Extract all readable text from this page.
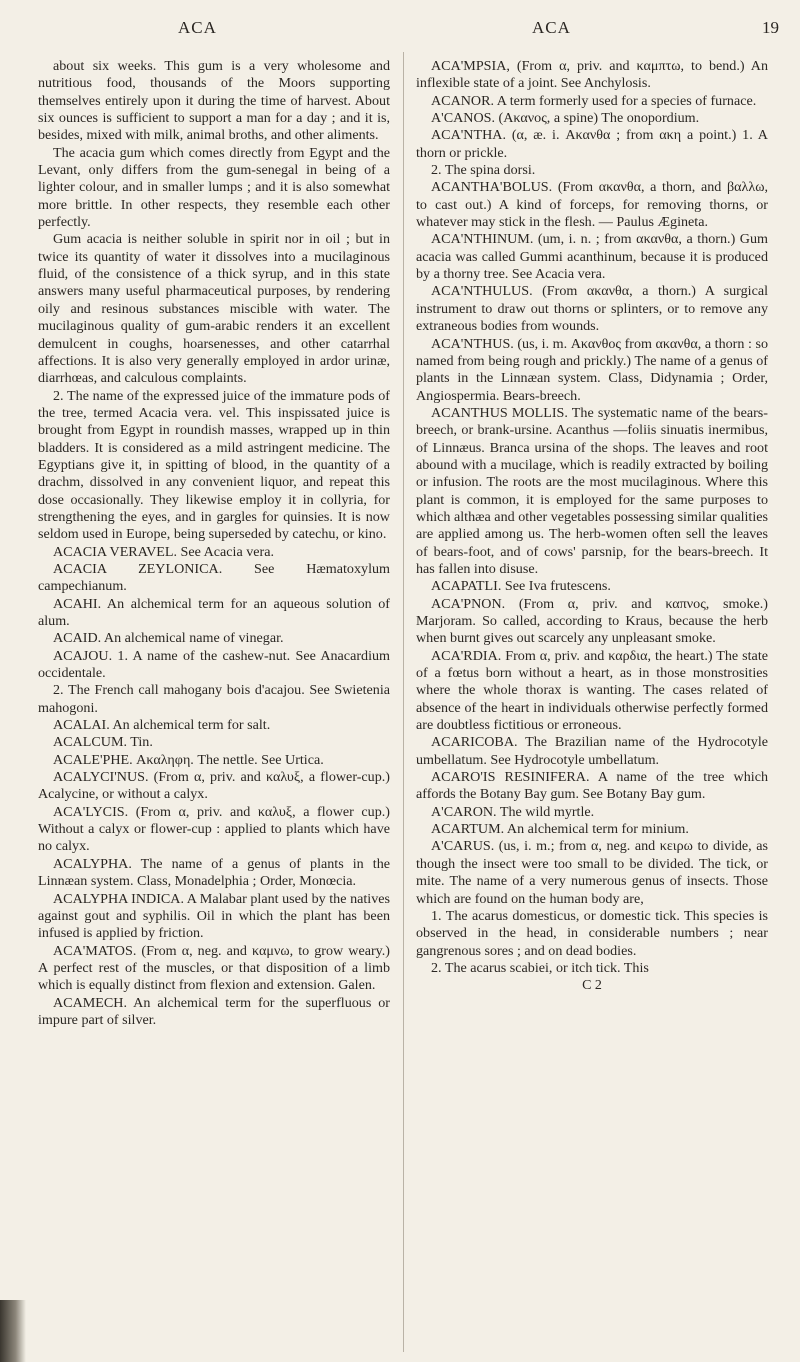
ACA	ACA	19

about six weeks. This gum is a very wholesome and nutritious food, thousands of the Moors supporting themselves entirely upon it during the time of harvest. About six ounces is sufficient to support a man for a day ; and it is, besides, mixed with milk, animal broths, and other aliments.

The acacia gum which comes directly from Egypt and the Levant, only differs from the gum-senegal in being of a lighter colour, and in smaller lumps ; and it is also somewhat more brittle. In other respects, they resemble each other perfectly.

Gum acacia is neither soluble in spirit nor in oil ; but in twice its quantity of water it dissolves into a mucilaginous fluid, of the consistence of a thick syrup, and in this state answers many useful pharmaceutical purposes, by rendering oily and resinous substances miscible with water. The mucilaginous quality of gum-arabic renders it an excellent demulcent in coughs, hoarsenesses, and other catarrhal affections. It is also very generally employed in ardor urinæ, diarrhœas, and calculous complaints.

2. The name of the expressed juice of the immature pods of the tree, termed Acacia vera. vel. This inspissated juice is brought from Egypt in roundish masses, wrapped up in thin bladders. It is considered as a mild astringent medicine. The Egyptians give it, in spitting of blood, in the quantity of a drachm, dissolved in any convenient liquor, and repeat this dose occasionally. They likewise employ it in collyria, for strengthening the eyes, and in gargles for quinsies. It is now seldom used in Europe, being superseded by catechu, or kino.

ACACIA VERAVEL. See Acacia vera.

ACACIA ZEYLONICA. See Hæmatoxylum campechianum.

ACAHI. An alchemical term for an aqueous solution of alum.

ACAID. An alchemical name of vinegar.

ACAJOU. 1. A name of the cashew-nut. See Anacardium occidentale.

2. The French call mahogany bois d'acajou. See Swietenia mahogoni.

ACALAI. An alchemical term for salt.

ACALCUM. Tin.

ACALE'PHE. Ακαληφη. The nettle. See Urtica.

ACALYCI'NUS. (From α, priv. and καλυξ, a flower-cup.) Acalycine, or without a calyx.

ACA'LYCIS. (From α, priv. and καλυξ, a flower cup.) Without a calyx or flower-cup : applied to plants which have no calyx.

ACALYPHA. The name of a genus of plants in the Linnæan system. Class, Monadelphia ; Order, Monœcia.

ACALYPHA INDICA. A Malabar plant used by the natives against gout and syphilis. Oil in which the plant has been infused is applied by friction.

ACA'MATOS. (From α, neg. and καμνω, to grow weary.) A perfect rest of the muscles, or that disposition of a limb which is equally distinct from flexion and extension. Galen.

ACAMECH. An alchemical term for the superfluous or impure part of silver.

ACA'MPSIA, (From α, priv. and καμπτω, to bend.) An inflexible state of a joint. See Anchylosis.

ACANOR. A term formerly used for a species of furnace.

A'CANOS. (Ακανος, a spine) The onopordium.

ACA'NTHA. (α, æ. i. Ακανθα ; from ακη a point.) 1. A thorn or prickle.

2. The spina dorsi.

ACANTHA'BOLUS. (From ακανθα, a thorn, and βαλλω, to cast out.) A kind of forceps, for removing thorns, or whatever may stick in the flesh. — Paulus Ægineta.

ACA'NTHINUM. (um, i. n. ; from ακανθα, a thorn.) Gum acacia was called Gummi acanthinum, because it is produced by a thorny tree. See Acacia vera.

ACA'NTHULUS. (From ακανθα, a thorn.) A surgical instrument to draw out thorns or splinters, or to remove any extraneous bodies from wounds.

ACA'NTHUS. (us, i. m. Ακανθος from ακανθα, a thorn : so named from being rough and prickly.) The name of a genus of plants in the Linnæan system. Class, Didynamia ; Order, Angiospermia. Bears-breech.

ACANTHUS MOLLIS. The systematic name of the bears-breech, or brank-ursine. Acanthus —foliis sinuatis inermibus, of Linnæus. Branca ursina of the shops. The leaves and root abound with a mucilage, which is readily extracted by boiling or infusion. The roots are the most mucilaginous. Where this plant is common, it is employed for the same purposes to which althæa and other vegetables possessing similar qualities are applied among us. The herb-women often sell the leaves of bears-foot, and of cows' parsnip, for the bears-breech. It has fallen into disuse.

ACAPATLI. See Iva frutescens.

ACA'PNON. (From α, priv. and καπνος, smoke.) Marjoram. So called, according to Kraus, because the herb when burnt gives out scarcely any unpleasant smoke.

ACA'RDIA. From α, priv. and καρδια, the heart.) The state of a fœtus born without a heart, as in those monstrosities where the whole thorax is wanting. The cases related of absence of the heart in individuals otherwise perfectly formed are doubtless fictitious or erroneous.

ACARICOBA. The Brazilian name of the Hydrocotyle umbellatum. See Hydrocotyle umbellatum.

ACARO'IS RESINIFERA. A name of the tree which affords the Botany Bay gum. See Botany Bay gum.

A'CARON. The wild myrtle.

ACARTUM. An alchemical term for minium.

A'CARUS. (us, i. m.; from α, neg. and κειρω to divide, as though the insect were too small to be divided. The tick, or mite. The name of a very numerous genus of insects. Those which are found on the human body are,

1. The acarus domesticus, or domestic tick. This species is observed in the head, in considerable numbers ; near gangrenous sores ; and on dead bodies.

2. The acarus scabiei, or itch tick. This

C 2
